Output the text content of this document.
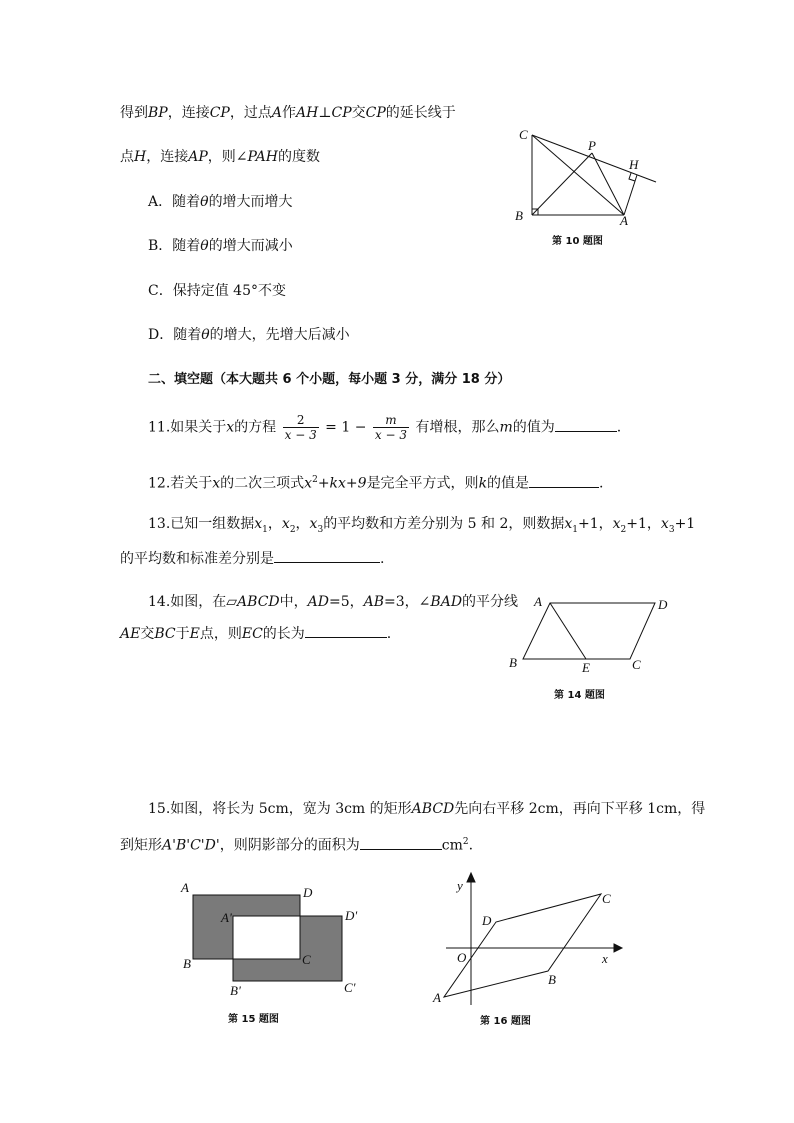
得到BP，连接CP，过点A作AH⊥CP交CP的延长线于
点H，连接AP，则∠PAH的度数
A．随着θ的增大而增大
B．随着θ的增大而减小
C．保持定值 45°不变
D．随着θ的增大，先增大后减小
C
P
H
B	A
第 10 题图
二、填空题（本大题共 6 个小题，每小题 3 分，满分 18 分）
11.如果关于x的方程 $\frac{2}{x - 3} = 1 - \frac{m}{x - 3}$ 有增根，那么m的值为	.
12.若关于x的二次三项式$x^2+kx+9$是完全平方式，则k的值是	.
13.已知一组数据$x_1$，$x_2$，$x_3$的平均数和方差分别为 5 和 2，则数据$x_1+1$，$x_2+1$，$x_3+1$
的平均数和标准差分别是	.
14.如图，在▱ABCD中，AD=5，AB=3，∠BAD的平分线
AE交BC于E点，则EC的长为	.
A	D
B	E	C
第 14 题图
15.如图，将长为 5cm，宽为 3cm 的矩形ABCD先向右平移 2cm，再向下平移 1cm，得
到矩形A'B'C'D'，则阴影部分的面积为	$cm^2$.
A	D
A'	D'
B	C
B'	C'
第 15 题图
y
x
O
A
B
C
D
第 16 题图
